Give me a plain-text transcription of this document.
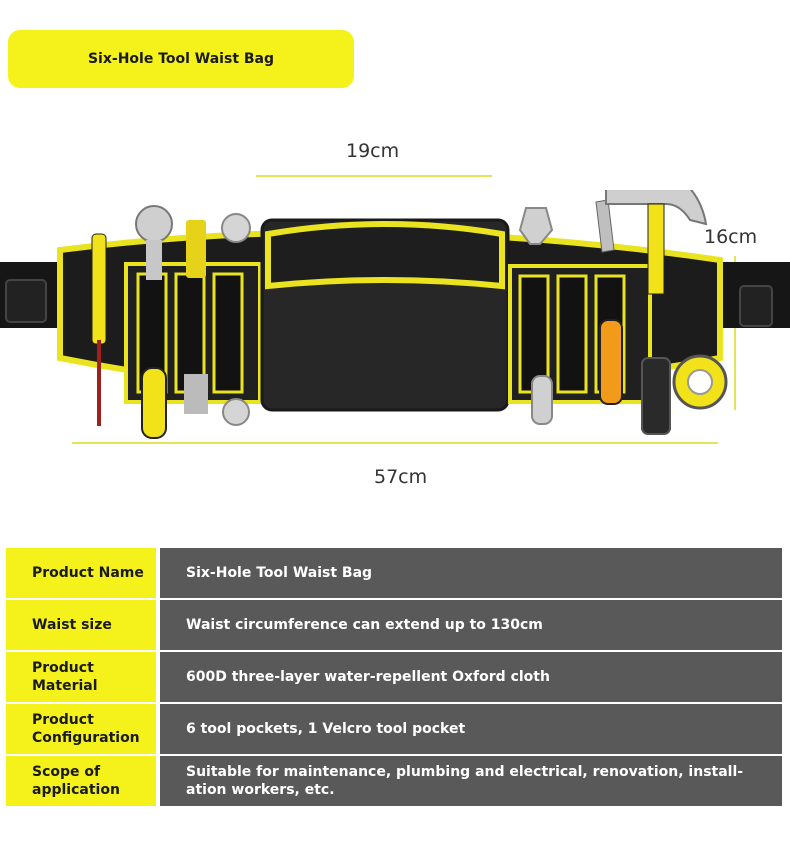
Six-Hole Tool Waist Bag
19cm
16cm
57cm
Product Name	Six-Hole Tool Waist Bag
Waist size	Waist circumference can extend up to 130cm
Product Material
600D three-layer water-repellent Oxford cloth
Product Configuration
6 tool pockets, 1 Velcro tool pocket
Scope of application
Suitable for maintenance, plumbing and electrical, renovation, install-ation workers, etc.
